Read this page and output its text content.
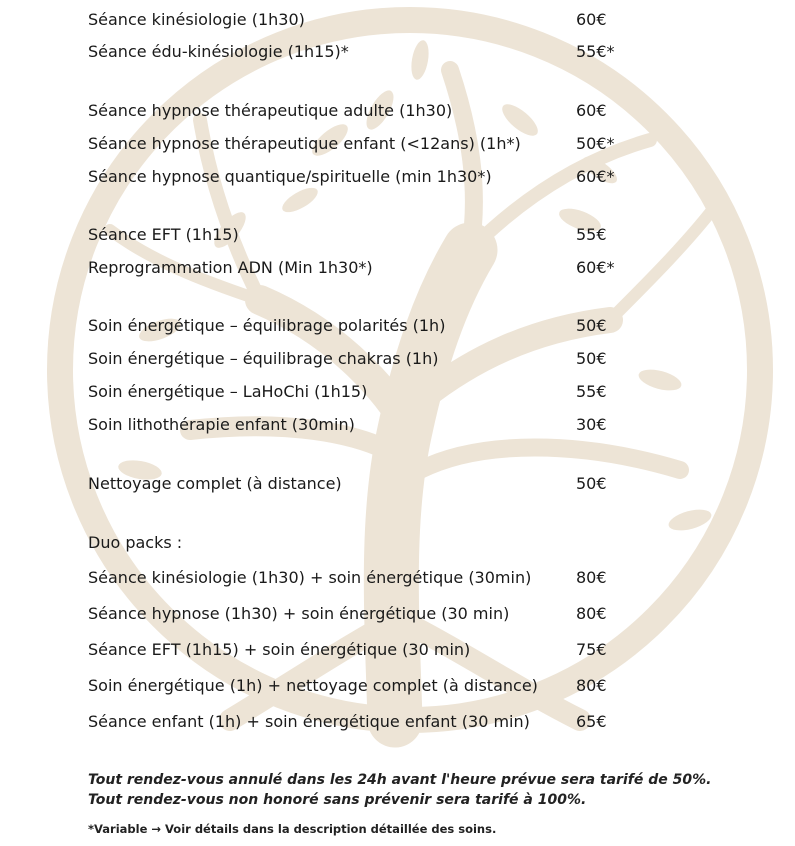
Séance kinésiologie (1h30)	60€
Séance édu-kinésiologie (1h15)*	55€*
Séance hypnose thérapeutique adulte (1h30)	60€
Séance hypnose thérapeutique enfant (<12ans) (1h*)	50€*
Séance hypnose quantique/spirituelle (min 1h30*)	60€*
Séance EFT (1h15)	55€
Reprogrammation ADN (Min 1h30*)	60€*
Soin énergétique – équilibrage polarités (1h)	50€
Soin énergétique – équilibrage chakras (1h)	50€
Soin énergétique – LaHoChi (1h15)	55€
Soin lithothérapie enfant (30min)	30€
Nettoyage complet (à distance)	50€
Duo packs :
Séance kinésiologie (1h30) + soin énergétique (30min)	80€
Séance hypnose (1h30) + soin énergétique (30 min)	80€
Séance EFT (1h15) + soin énergétique (30 min)	75€
Soin énergétique (1h) + nettoyage complet (à distance) 80€
Séance enfant (1h) + soin énergétique enfant (30 min)	65€
Tout rendez-vous annulé dans les 24h avant l'heure prévue sera tarifé de 50%.
Tout rendez-vous non honoré sans prévenir sera tarifé à 100%.
*Variable → Voir détails dans la description détaillée des soins.
